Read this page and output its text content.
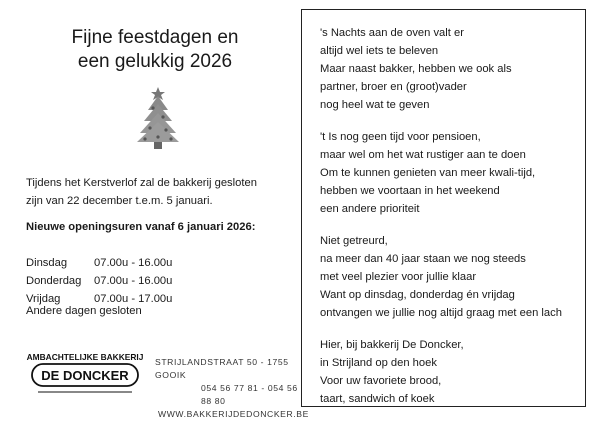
Fijne feestdagen en
een gelukkig 2026
Tijdens het Kerstverlof zal de bakkerij gesloten
zijn van 22 december t.e.m. 5 januari.
Nieuwe openingsuren vanaf 6 januari 2026:
Dinsdag	07.00u - 16.00u
Donderdag	07.00u - 16.00u
Vrijdag	07.00u - 17.00u
Andere dagen gesloten
AMBACHTELIJKE BAKKERIJ
DE DONCKER
STRIJLANDSTRAAT 50 - 1755 GOOIK
054 56 77 81 - 054 56 88 80
WWW.BAKKERIJDEDONCKER.BE
's Nachts aan de oven valt er
altijd wel iets te beleven
Maar naast bakker, hebben we ook als
partner, broer en (groot)vader
nog heel wat te geven
't Is nog geen tijd voor pensioen,
maar wel om het wat rustiger aan te doen
Om te kunnen genieten van meer kwali-tijd,
hebben we voortaan in het weekend
een andere prioriteit
Niet getreurd,
na meer dan 40 jaar staan we nog steeds
met veel plezier voor jullie klaar
Want op dinsdag, donderdag én vrijdag
ontvangen we jullie nog altijd graag met een lach
Hier, bij bakkerij De Doncker,
in Strijland op den hoek
Voor uw favoriete brood,
taart, sandwich of koek
